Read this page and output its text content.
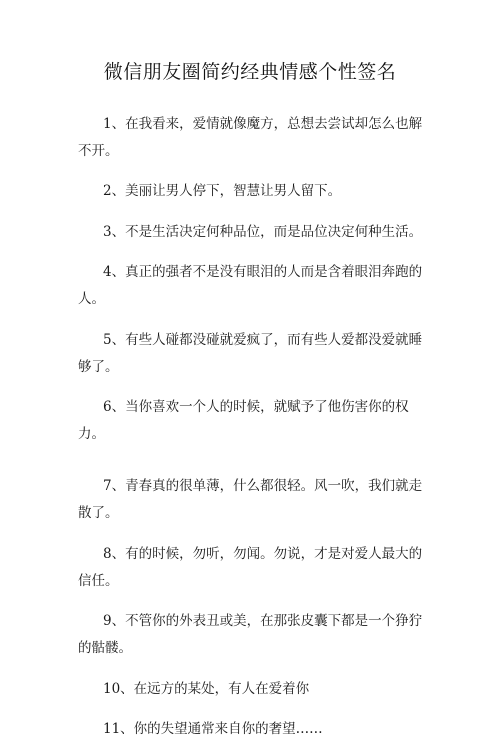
微信朋友圈简约经典情感个性签名

1、在我看来，爱情就像魔方，总想去尝试却怎么也解不开。

2、美丽让男人停下，智慧让男人留下。

3、不是生活决定何种品位，而是品位决定何种生活。

4、真正的强者不是没有眼泪的人而是含着眼泪奔跑的人。

5、有些人碰都没碰就爱疯了，而有些人爱都没爱就睡够了。

6、当你喜欢一个人的时候，就赋予了他伤害你的权力。

7、青春真的很单薄，什么都很轻。风一吹，我们就走散了。

8、有的时候，勿听，勿闻。勿说，才是对爱人最大的信任。

9、不管你的外表丑或美，在那张皮囊下都是一个狰狞的骷髅。

10、在远方的某处，有人在爱着你

11、你的失望通常来自你的奢望……
